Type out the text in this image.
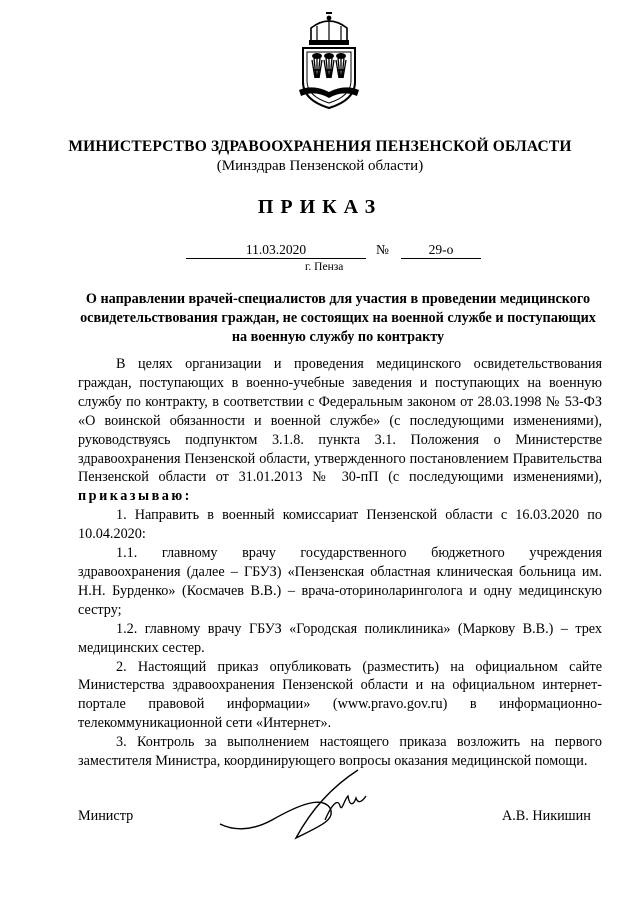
МИНИСТЕРСТВО ЗДРАВООХРАНЕНИЯ ПЕНЗЕНСКОЙ ОБЛАСТИ
(Минздрав Пензенской области)
ПРИКАЗ
11.03.2020	№	29-о
г. Пенза
О направлении врачей-специалистов для участия в проведении медицинского освидетельствования граждан, не состоящих на военной службе и поступающих на военную службу по контракту

В целях организации и проведения медицинского освидетельствования граждан, поступающих в военно-учебные заведения и поступающих на военную службу по контракту, в соответствии с Федеральным законом от 28.03.1998 № 53-ФЗ «О воинской обязанности и военной службе» (с последующими изменениями), руководствуясь подпунктом 3.1.8. пункта 3.1. Положения о Министерстве здравоохранения Пензенской области, утвержденного постановлением Правительства Пензенской области от 31.01.2013 № 30-пП (с последующими изменениями), приказываю:

1. Направить в военный комиссариат Пензенской области с 16.03.2020 по 10.04.2020:

1.1. главному врачу государственного бюджетного учреждения здравоохранения (далее – ГБУЗ) «Пензенская областная клиническая больница им. Н.Н. Бурденко» (Космачев В.В.) – врача-оториноларинголога и одну медицинскую сестру;

1.2. главному врачу ГБУЗ «Городская поликлиника» (Маркову В.В.) – трех медицинских сестер.

2. Настоящий приказ опубликовать (разместить) на официальном сайте Министерства здравоохранения Пензенской области и на официальном интернет-портале правовой информации» (www.pravo.gov.ru) в информационно-телекоммуникационной сети «Интернет».

3. Контроль за выполнением настоящего приказа возложить на первого заместителя Министра, координирующего вопросы оказания медицинской помощи.

Министр	А.В. Никишин
